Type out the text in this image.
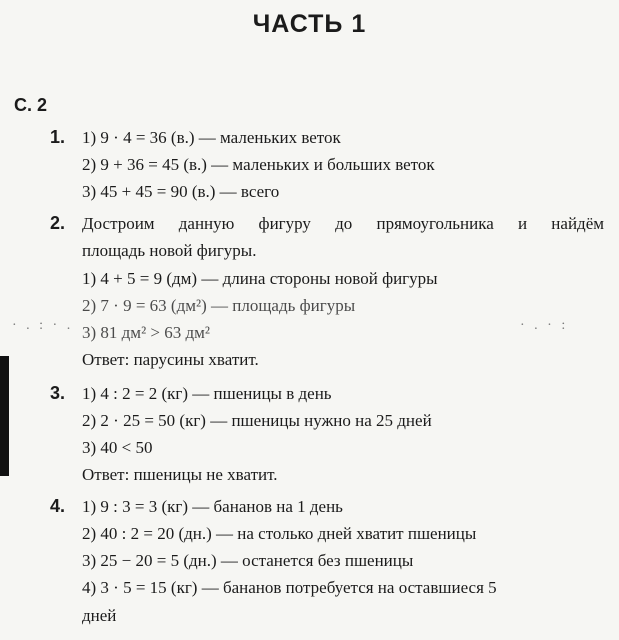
ЧАСТЬ 1
С. 2
· . : · .	· . · :
1. 1) 9 · 4 = 36 (в.) — маленьких веток
2) 9 + 36 = 45 (в.) — маленьких и больших веток
3) 45 + 45 = 90 (в.) — всего
2. Достроим данную фигуру до прямоугольника и найдём
площадь новой фигуры.
1) 4 + 5 = 9 (дм) — длина стороны новой фигуры
2) 7 · 9 = 63 (дм²) — площадь фигуры
3) 81 дм² > 63 дм²
Ответ: парусины хватит.
3. 1) 4 : 2 = 2 (кг) — пшеницы в день
2) 2 · 25 = 50 (кг) — пшеницы нужно на 25 дней
3) 40 < 50
Ответ: пшеницы не хватит.
4. 1) 9 : 3 = 3 (кг) — бананов на 1 день
2) 40 : 2 = 20 (дн.) — на столько дней хватит пшеницы
3) 25 − 20 = 5 (дн.) — останется без пшеницы
4) 3 · 5 = 15 (кг) — бананов потребуется на оставшиеся 5
дней
